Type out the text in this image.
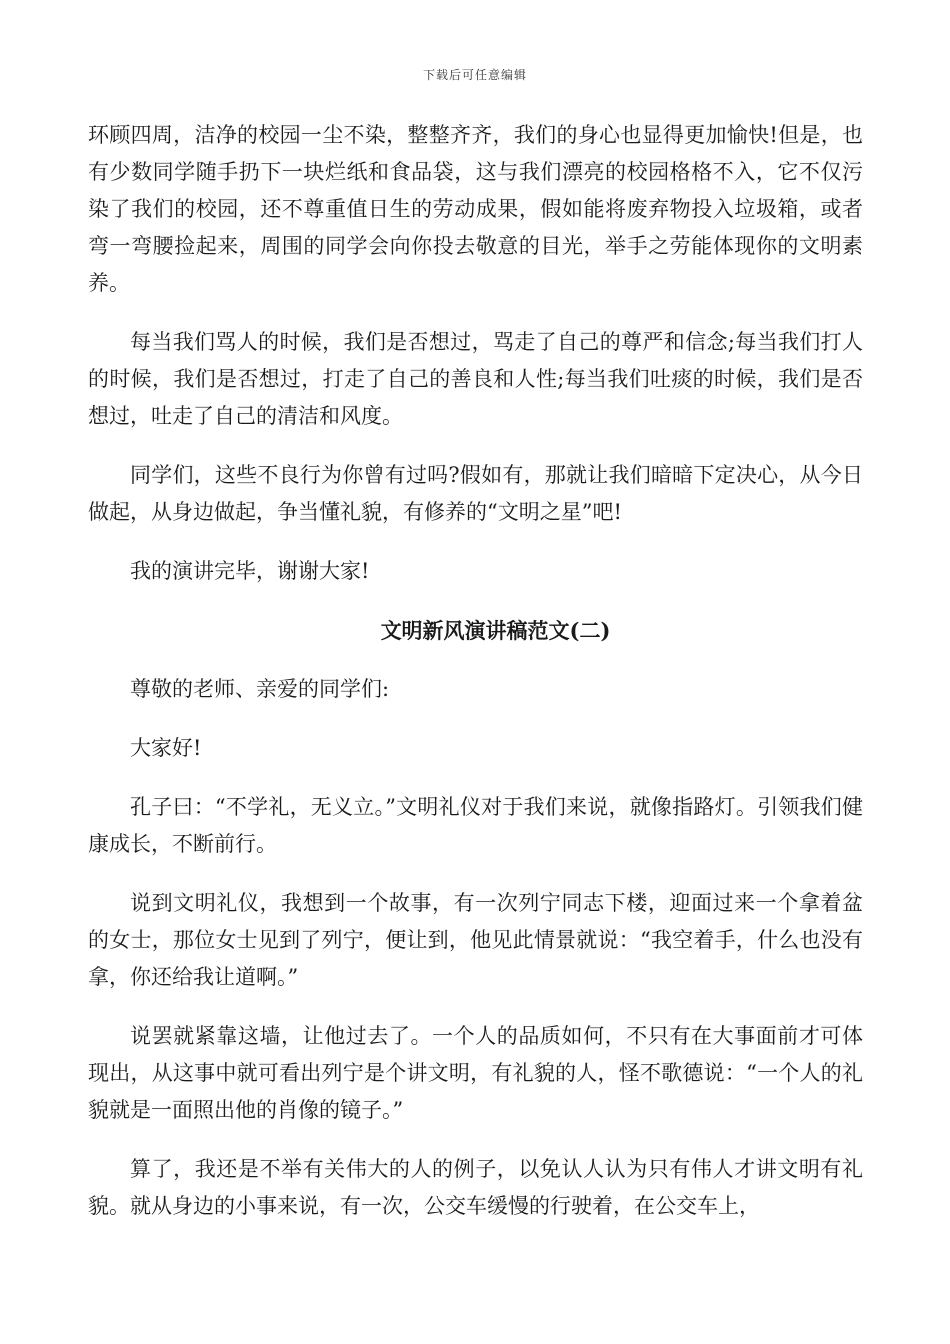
下载后可任意编辑

环顾四周，洁净的校园一尘不染，整整齐齐，我们的身心也显得更加愉快!但是，也有少数同学随手扔下一块烂纸和食品袋，这与我们漂亮的校园格格不入，它不仅污染了我们的校园，还不尊重值日生的劳动成果，假如能将废弃物投入垃圾箱，或者弯一弯腰捡起来，周围的同学会向你投去敬意的目光，举手之劳能体现你的文明素养。

每当我们骂人的时候，我们是否想过，骂走了自己的尊严和信念;每当我们打人的时候，我们是否想过，打走了自己的善良和人性;每当我们吐痰的时候，我们是否想过，吐走了自己的清洁和风度。

同学们，这些不良行为你曾有过吗?假如有，那就让我们暗暗下定决心，从今日做起，从身边做起，争当懂礼貌，有修养的“文明之星”吧!

我的演讲完毕，谢谢大家!

文明新风演讲稿范文(二)

尊敬的老师、亲爱的同学们:

大家好!

孔子曰：“不学礼，无义立。”文明礼仪对于我们来说，就像指路灯。引领我们健康成长，不断前行。

说到文明礼仪，我想到一个故事，有一次列宁同志下楼，迎面过来一个拿着盆的女士，那位女士见到了列宁，便让到，他见此情景就说：“我空着手，什么也没有拿，你还给我让道啊。”

说罢就紧靠这墙，让他过去了。一个人的品质如何，不只有在大事面前才可体现出，从这事中就可看出列宁是个讲文明，有礼貌的人，怪不歌德说：“一个人的礼貌就是一面照出他的肖像的镜子。”

算了，我还是不举有关伟大的人的例子，以免认人认为只有伟人才讲文明有礼貌。就从身边的小事来说，有一次，公交车缓慢的行驶着，在公交车上，
